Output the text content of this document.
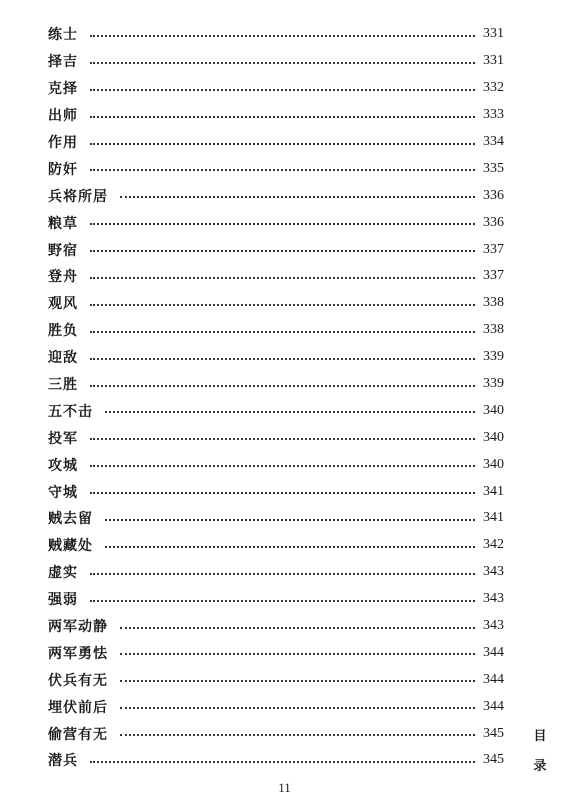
练士	331
择吉	331
克择	332
出师	333
作用	334
防奸	335
兵将所居	336
粮草	336
野宿	337
登舟	337
观风	338
胜负	338
迎敌	339
三胜	339
五不击	340
投军	340
攻城	340
守城	341
贼去留	341
贼藏处	342
虚实	343
强弱	343
两军动静	343
两军勇怯	344
伏兵有无	344
埋伏前后	344
偷营有无	345
潜兵	345
目
录
11
